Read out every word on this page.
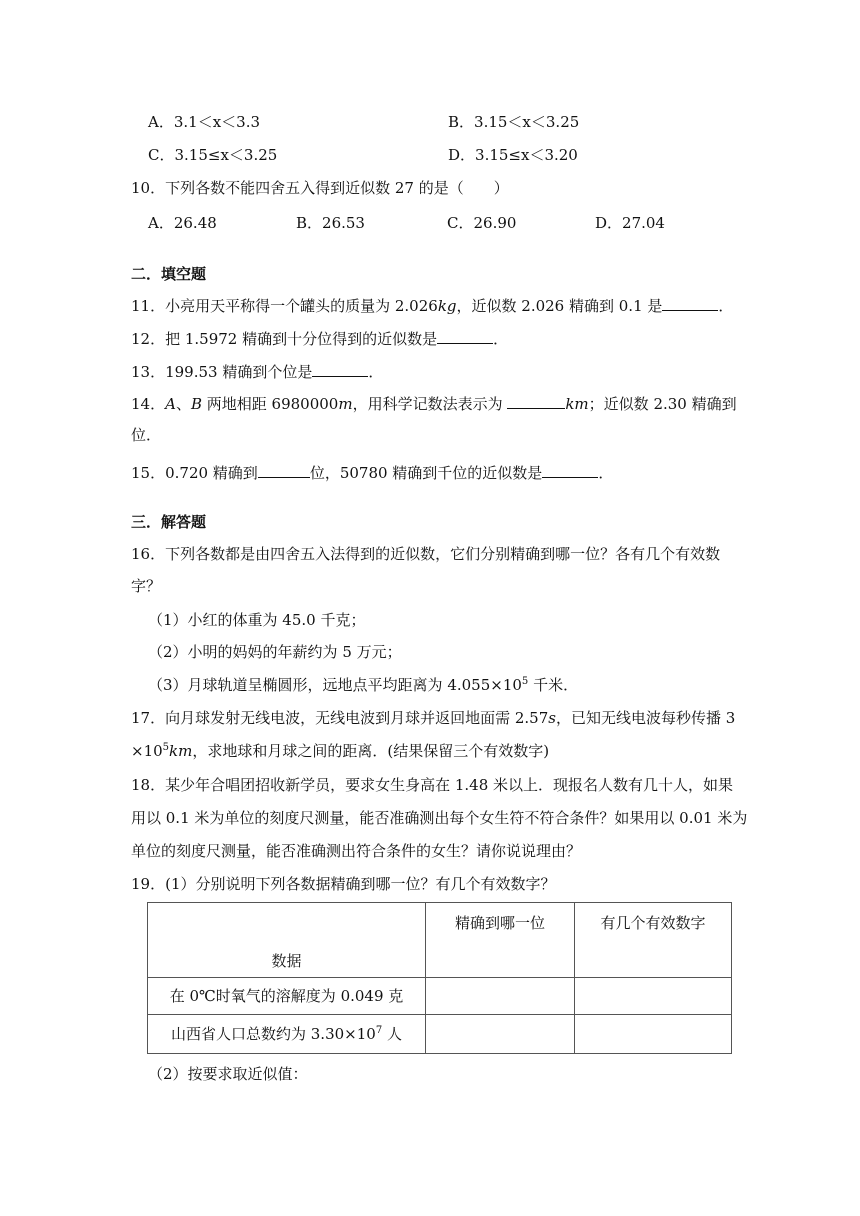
A．3.1＜x＜3.3	B．3.15＜x＜3.25
C．3.15≤x＜3.25	D．3.15≤x＜3.20
10．下列各数不能四舍五入得到近似数 27 的是（　　）
A．26.48	B．26.53	C．26.90	D．27.04
二．填空题
11．小亮用天平称得一个罐头的质量为 2.026kg，近似数 2.026 精确到 0.1 是	．
12．把 1.5972 精确到十分位得到的近似数是	．
13．199.53 精确到个位是	．
14．A、B 两地相距 6980000m，用科学记数法表示为	km；近似数 2.30 精确到
位．
15．0.720 精确到	位，50780 精确到千位的近似数是	．
三．解答题
16．下列各数都是由四舍五入法得到的近似数，它们分别精确到哪一位？各有几个有效数
字？
（1）小红的体重为 45.0 千克；
（2）小明的妈妈的年薪约为 5 万元；
（3）月球轨道呈椭圆形，远地点平均距离为 $4.055\times 10^5$ 千米．
17．向月球发射无线电波，无线电波到月球并返回地面需 2.57s，已知无线电波每秒传播 3
$\times 10^5km$，求地球和月球之间的距离．(结果保留三个有效数字)
18．某少年合唱团招收新学员，要求女生身高在 1.48 米以上．现报名人数有几十人，如果
用以 0.1 米为单位的刻度尺测量，能否准确测出每个女生符不符合条件？如果用以 0.01 米为
单位的刻度尺测量，能否准确测出符合条件的女生？请你说说理由？
19．(1）分别说明下列各数据精确到哪一位？有几个有效数字？
数据	精确到哪一位	有几个有效数字

在 0℃时氧气的溶解度为 0.049 克		
山西省人口总数约为 $3.30\times 10^7$ 人		
（2）按要求取近似值：
